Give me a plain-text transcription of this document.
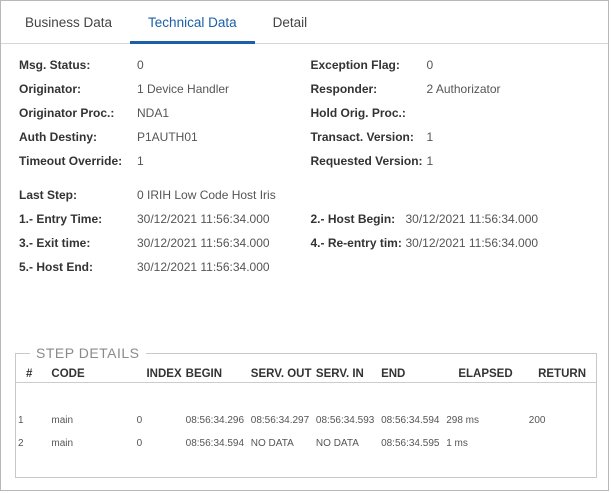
Business Data	Technical Data	Detail
Msg. Status:	0	Exception Flag:	0
Originator:	1 Device Handler	Responder:	2 Authorizator
Originator Proc.:	NDA1	Hold Orig. Proc.:
Auth Destiny:	P1AUTH01	Transact. Version:	1
Timeout Override:	1	Requested Version: 1
Last Step:	0 IRIH Low Code Host Iris
1.- Entry Time:	30/12/2021 11:56:34.000	2.- Host Begin: 30/12/2021 11:56:34.000
3.- Exit time:	30/12/2021 11:56:34.000	4.- Re-entry tim: 30/12/2021 11:56:34.000
5.- Host End:	30/12/2021 11:56:34.000
STEP DETAILS
#	CODE	INDEX	BEGIN	SERV. OUT	SERV. IN	END	ELAPSED	RETURN

1	main	0	08:56:34.296	08:56:34.297	08:56:34.593	08:56:34.594	298 ms	200
2	main	0	08:56:34.594	NO DATA	NO DATA	08:56:34.595	1 ms	
